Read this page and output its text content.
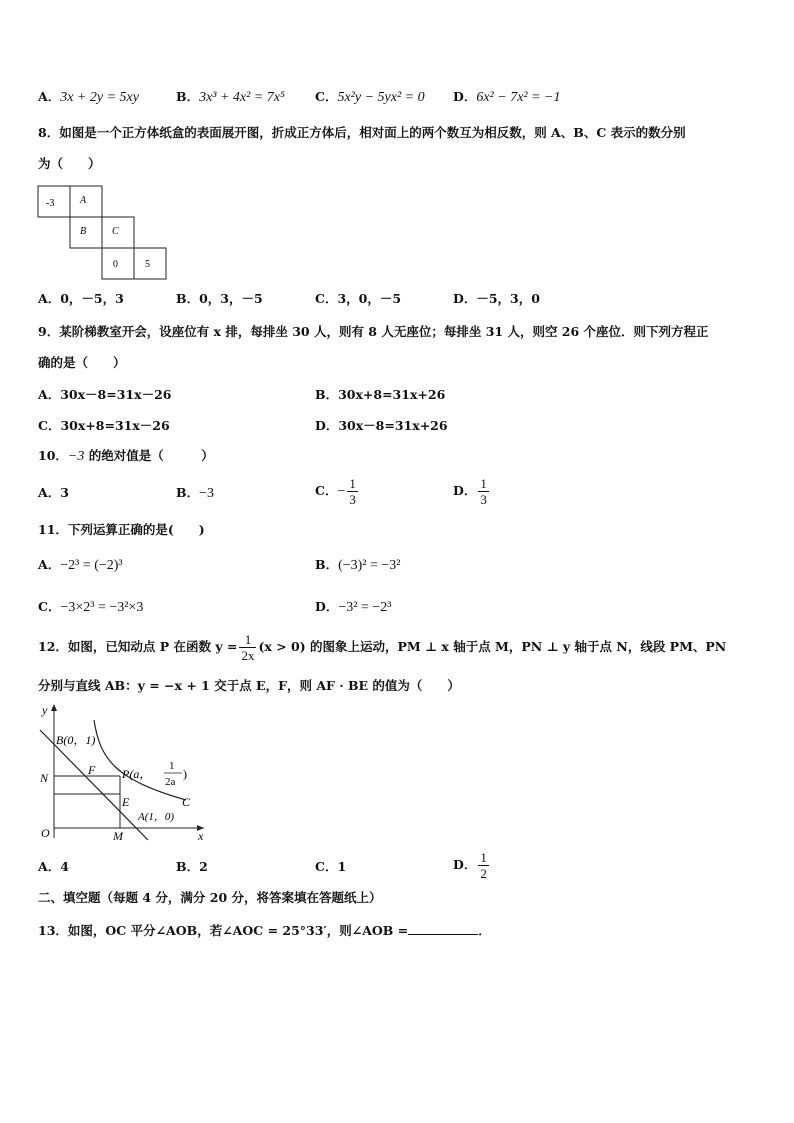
A．3x + 2y = 5xy	B．3x³ + 4x² = 7x⁵ C．5x²y − 5yx² = 0 D．6x² − 7x² = −1
8．如图是一个正方体纸盒的表面展开图，折成正方体后，相对面上的两个数互为相反数，则 A、B、C 表示的数分别
为（　　）
-3	A
B	C
0	5
A．0，－5，3	B．0，3，－5	C．3，0，－5	D．－5，3，0
9．某阶梯教室开会，设座位有 x 排，每排坐 30 人，则有 8 人无座位；每排坐 31 人，则空 26 个座位．则下列方程正
确的是（　　）
A．30x－8=31x－26	B．30x+8=31x+26
C．30x+8=31x－26	D．30x－8=31x+26
10．−3 的绝对值是（　　　）
A．3	B．−3	C．− $\frac{1}{3}$	D． $\frac{1}{3}$
11．下列运算正确的是(　　)
A．−2³ = (−2)³	B．(−3)² = −3²
C．−3×2³ = −3²×3	D．−3² = −2³
12．如图，已知动点 P 在函数 $y = \frac{1}{2x} (x > 0)$ 的图象上运动，PM ⊥ x 轴于点 M，PN ⊥ y 轴于点 N，线段 PM、PN
分别与直线 AB：y = −x + 1 交于点 E，F，则 AF · BE 的值为（　　）
y
x
O
B(0，1)
N
F P(a，
1
2a
)
E	C
A(1，0)
M
A．4	B．2	C．1	D． $\frac{1}{2}$
二、填空题（每题 4 分，满分 20 分，将答案填在答题纸上）
13．如图，OC 平分∠AOB，若∠AOC = 25°33′，则∠AOB =	．
